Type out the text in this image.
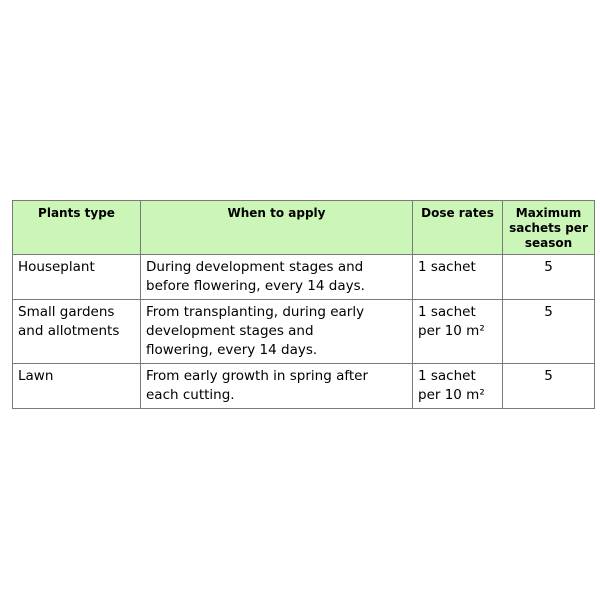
Plants type	When to apply	Dose rates	Maximum sachets per season

Houseplant	During development stages and
before flowering, every 14 days.	1 sachet	5

Small gardens
and allotments	From transplanting, during early
development stages and
flowering, every 14 days.	1 sachet
per 10 m²	5

Lawn	From early growth in spring after
each cutting.	1 sachet
per 10 m²	5
